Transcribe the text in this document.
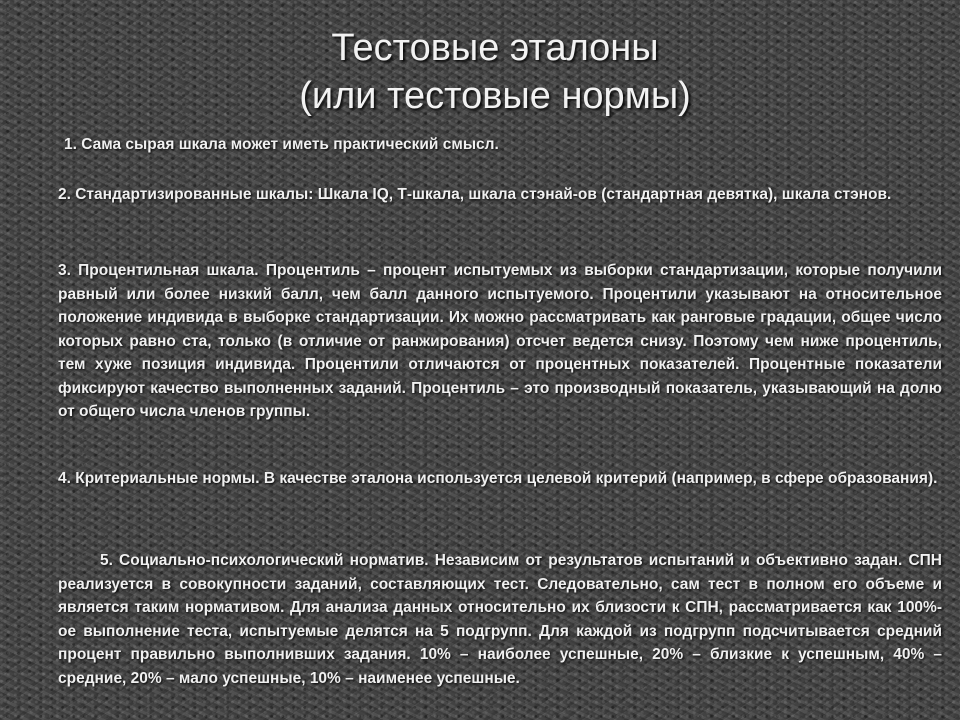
Тестовые эталоны
(или тестовые нормы)

1. Сама сырая шкала может иметь практический смысл.

2. Стандартизированные шкалы: Шкала IQ, Т-шкала, шкала стэнай-ов (стандартная девятка), шкала стэнов.

3. Процентильная шкала. Процентиль – процент испытуемых из выборки стандартизации, которые получили равный или более низкий балл, чем балл данного испытуемого. Процентили указывают на относительное положение индивида в выборке стандартизации. Их можно рассматривать как ранговые градации, общее число которых равно ста, только (в отличие от ранжирования) отсчет ведется снизу. Поэтому чем ниже процентиль, тем хуже позиция индивида. Процентили отличаются от процентных показателей. Процентные показатели фиксируют качество выполненных заданий. Процентиль – это производный показатель, указывающий на долю от общего числа членов группы.

4. Критериальные нормы. В качестве эталона используется целевой критерий (например, в сфере образования).

5. Социально-психологический норматив. Независим от результатов испытаний и объективно задан. СПН реализуется в совокупности заданий, составляющих тест. Следовательно, сам тест в полном его объеме и является таким нормативом. Для анализа данных относительно их близости к СПН, рассматривается как 100%-ое выполнение теста, испытуемые делятся на 5 подгрупп. Для каждой из подгрупп подсчитывается средний процент правильно выполнивших задания. 10% – наиболее успешные, 20% – близкие к успешным, 40% – средние, 20% – мало успешные, 10% – наименее успешные.
